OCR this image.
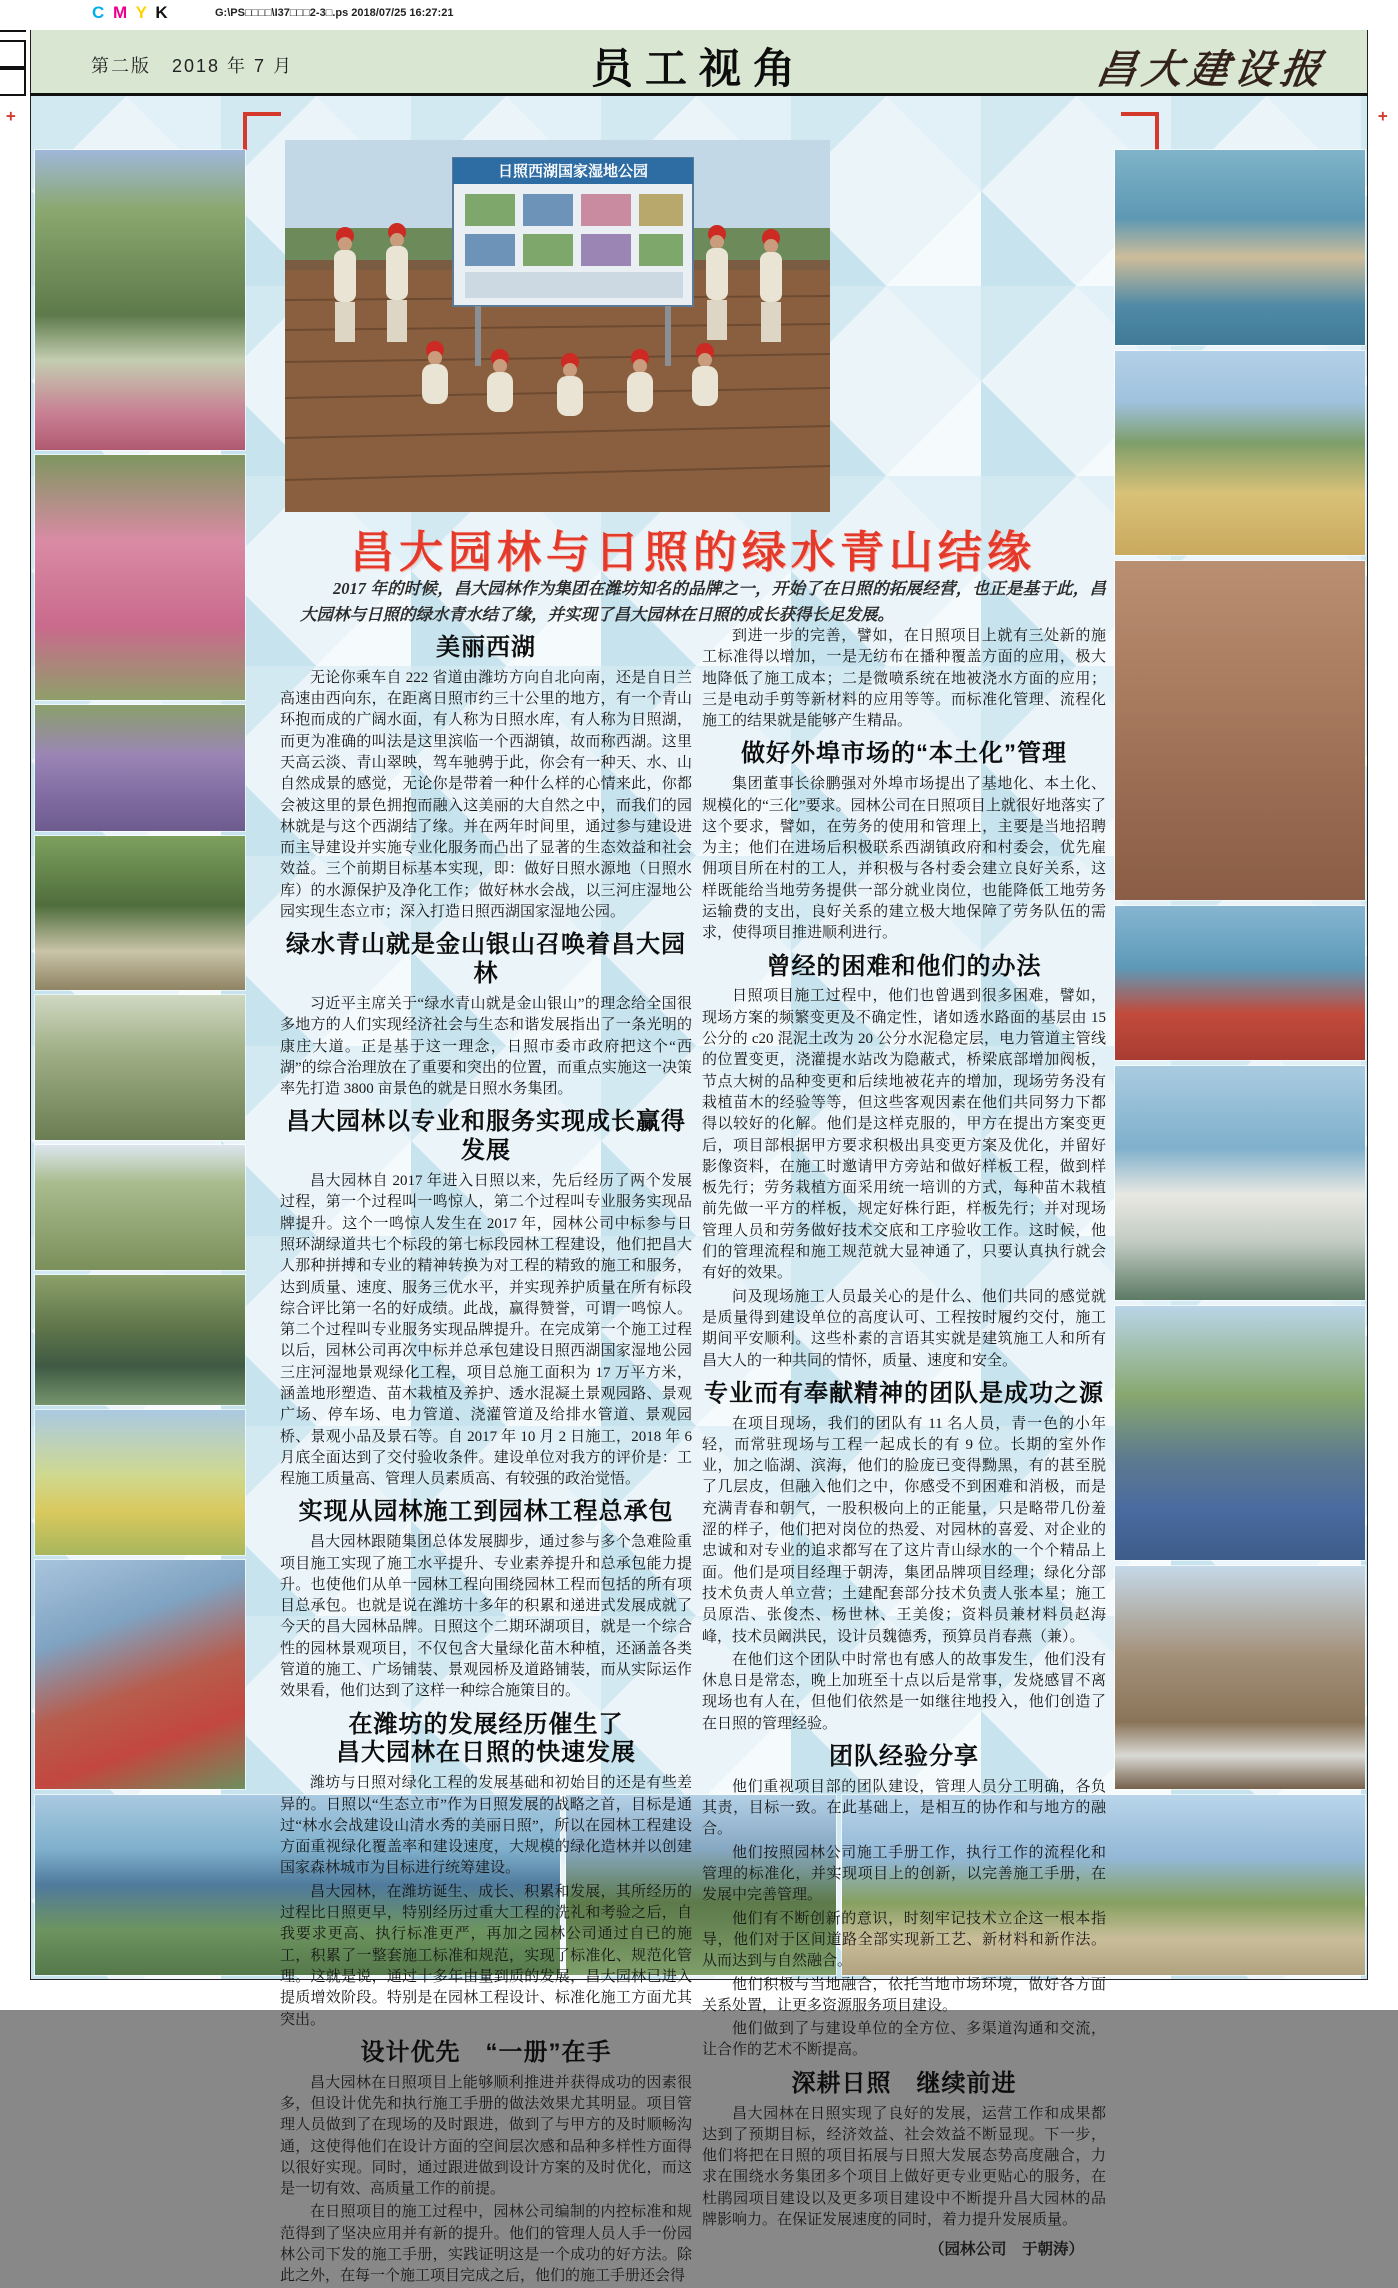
C M Y K	G:\PS□□□□\I37□□□2-3□.ps 2018/07/25 16:27:21
第二版 2018 年 7 月	员工视角	昌大建设报
+	+
日照西湖国家湿地公园
昌大园林与日照的绿水青山结缘
2017 年的时候，昌大园林作为集团在潍坊知名的品牌之一，开始了在日照的拓展经营，也正是基于此，昌大园林与日照的绿水青水结了缘，并实现了昌大园林在日照的成长获得长足发展。
美丽西湖

无论你乘车自 222 省道由潍坊方向自北向南，还是自日兰高速由西向东，在距离日照市约三十公里的地方，有一个青山环抱而成的广阔水面，有人称为日照水库，有人称为日照湖，而更为准确的叫法是这里滨临一个西湖镇，故而称西湖。这里天高云淡、青山翠映，驾车驰骋于此，你会有一种天、水、山自然成景的感觉，无论你是带着一种什么样的心情来此，你都会被这里的景色拥抱而融入这美丽的大自然之中，而我们的园林就是与这个西湖结了缘。并在两年时间里，通过参与建设进而主导建设并实施专业化服务而凸出了显著的生态效益和社会效益。三个前期目标基本实现，即：做好日照水源地（日照水库）的水源保护及净化工作；做好林水会战，以三河庄湿地公园实现生态立市；深入打造日照西湖国家湿地公园。

绿水青山就是金山银山召唤着昌大园林

习近平主席关于“绿水青山就是金山银山”的理念给全国很多地方的人们实现经济社会与生态和谐发展指出了一条光明的康庄大道。正是基于这一理念，日照市委市政府把这个“西湖”的综合治理放在了重要和突出的位置，而重点实施这一决策率先打造 3800 亩景色的就是日照水务集团。

昌大园林以专业和服务实现成长赢得发展

昌大园林自 2017 年进入日照以来，先后经历了两个发展过程，第一个过程叫一鸣惊人，第二个过程叫专业服务实现品牌提升。这个一鸣惊人发生在 2017 年，园林公司中标参与日照环湖绿道共七个标段的第七标段园林工程建设，他们把昌大人那种拼搏和专业的精神转换为对工程的精致的施工和服务，达到质量、速度、服务三优水平，并实现养护质量在所有标段综合评比第一名的好成绩。此战，赢得赞誉，可谓一鸣惊人。第二个过程叫专业服务实现品牌提升。在完成第一个施工过程以后，园林公司再次中标并总承包建设日照西湖国家湿地公园三庄河湿地景观绿化工程，项目总施工面积为 17 万平方米，涵盖地形塑造、苗木栽植及养护、透水混凝土景观园路、景观广场、停车场、电力管道、浇灌管道及给排水管道、景观园桥、景观小品及景石等。自 2017 年 10 月 2 日施工，2018 年 6 月底全面达到了交付验收条件。建设单位对我方的评价是：工程施工质量高、管理人员素质高、有较强的政治觉悟。

实现从园林施工到园林工程总承包

昌大园林跟随集团总体发展脚步，通过参与多个急难险重项目施工实现了施工水平提升、专业素养提升和总承包能力提升。也使他们从单一园林工程向围绕园林工程而包括的所有项目总承包。也就是说在潍坊十多年的积累和递进式发展成就了今天的昌大园林品牌。日照这个二期环湖项目，就是一个综合性的园林景观项目，不仅包含大量绿化苗木种植，还涵盖各类管道的施工、广场铺装、景观园桥及道路铺装，而从实际运作效果看，他们达到了这样一种综合施策目的。

在潍坊的发展经历催生了
昌大园林在日照的快速发展

潍坊与日照对绿化工程的发展基础和初始目的还是有些差异的。日照以“生态立市”作为日照发展的战略之首，目标是通过“林水会战建设山清水秀的美丽日照”，所以在园林工程建设方面重视绿化覆盖率和建设速度，大规模的绿化造林并以创建国家森林城市为目标进行统筹建设。

昌大园林，在潍坊诞生、成长、积累和发展，其所经历的过程比日照更早，特别经历过重大工程的洗礼和考验之后，自我要求更高、执行标准更严，再加之园林公司通过自已的施工，积累了一整套施工标准和规范，实现了标准化、规范化管理。这就是说，通过十多年由量到质的发展，昌大园林已进入提质增效阶段。特别是在园林工程设计、标准化施工方面尤其突出。

设计优先　“一册”在手

昌大园林在日照项目上能够顺利推进并获得成功的因素很多，但设计优先和执行施工手册的做法效果尤其明显。项目管理人员做到了在现场的及时跟进，做到了与甲方的及时顺畅沟通，这使得他们在设计方面的空间层次感和品种多样性方面得以很好实现。同时，通过跟进做到设计方案的及时优化，而这是一切有效、高质量工作的前提。

在日照项目的施工过程中，园林公司编制的内控标准和规范得到了坚决应用并有新的提升。他们的管理人员人手一份园林公司下发的施工手册，实践证明这是一个成功的好方法。除此之外，在每一个施工项目完成之后，他们的施工手册还会得

到进一步的完善，譬如，在日照项目上就有三处新的施工标准得以增加，一是无纺布在播种覆盖方面的应用，极大地降低了施工成本；二是微喷系统在地被浇水方面的应用；三是电动手剪等新材料的应用等等。而标准化管理、流程化施工的结果就是能够产生精品。

做好外埠市场的“本土化”管理

集团董事长徐鹏强对外埠市场提出了基地化、本土化、规模化的“三化”要求。园林公司在日照项目上就很好地落实了这个要求，譬如，在劳务的使用和管理上，主要是当地招聘为主；他们在进场后积极联系西湖镇政府和村委会，优先雇佣项目所在村的工人，并积极与各村委会建立良好关系，这样既能给当地劳务提供一部分就业岗位，也能降低工地劳务运输费的支出，良好关系的建立极大地保障了劳务队伍的需求，使得项目推进顺利进行。

曾经的困难和他们的办法

日照项目施工过程中，他们也曾遇到很多困难，譬如，现场方案的频繁变更及不确定性，诸如透水路面的基层由 15 公分的 c20 混泥土改为 20 公分水泥稳定层，电力管道主管线的位置变更，浇灌提水站改为隐蔽式，桥梁底部增加阀板，节点大树的品种变更和后续地被花卉的增加，现场劳务没有栽植苗木的经验等等，但这些客观因素在他们共同努力下都得以较好的化解。他们是这样克服的，甲方在提出方案变更后，项目部根据甲方要求积极出具变更方案及优化，并留好影像资料，在施工时邀请甲方旁站和做好样板工程，做到样板先行；劳务栽植方面采用统一培训的方式，每种苗木栽植前先做一平方的样板，规定好株行距，样板先行；并对现场管理人员和劳务做好技术交底和工序验收工作。这时候，他们的管理流程和施工规范就大显神通了，只要认真执行就会有好的效果。

问及现场施工人员最关心的是什么、他们共同的感觉就是质量得到建设单位的高度认可、工程按时履约交付，施工期间平安顺利。这些朴素的言语其实就是建筑施工人和所有昌大人的一种共同的情怀，质量、速度和安全。

专业而有奉献精神的团队是成功之源

在项目现场，我们的团队有 11 名人员，青一色的小年轻，而常驻现场与工程一起成长的有 9 位。长期的室外作业，加之临湖、滨海，他们的脸庞已变得黝黑，有的甚至脱了几层皮，但融入他们之中，你感受不到困难和消极，而是充满青春和朝气，一股积极向上的正能量，只是略带几份羞涩的样子，他们把对岗位的热爱、对园林的喜爱、对企业的忠诚和对专业的追求都写在了这片青山绿水的一个个精品上面。他们是项目经理于朝涛，集团品牌项目经理；绿化分部技术负责人单立营；土建配套部分技术负责人张本星；施工员原浩、张俊杰、杨世林、王美俊；资料员兼材料员赵海峰，技术员阚洪民，设计员魏德秀，预算员肖春燕（兼）。

在他们这个团队中时常也有感人的故事发生，他们没有休息日是常态，晚上加班至十点以后是常事，发烧感冒不离现场也有人在，但他们依然是一如继往地投入，他们创造了在日照的管理经验。

团队经验分享

他们重视项目部的团队建设，管理人员分工明确，各负其责，目标一致。在此基础上，是相互的协作和与地方的融合。

他们按照园林公司施工手册工作，执行工作的流程化和管理的标准化，并实现项目上的创新，以完善施工手册，在发展中完善管理。

他们有不断创新的意识，时刻牢记技术立企这一根本指导，他们对于区间道路全部实现新工艺、新材料和新作法。从而达到与自然融合。

他们积极与当地融合，依托当地市场环境，做好各方面关系处置，让更多资源服务项目建设。

他们做到了与建设单位的全方位、多渠道沟通和交流，让合作的艺术不断提高。

深耕日照　继续前进

昌大园林在日照实现了良好的发展，运营工作和成果都达到了预期目标，经济效益、社会效益不断显现。下一步，他们将把在日照的项目拓展与日照大发展态势高度融合，力求在围绕水务集团多个项目上做好更专业更贴心的服务，在杜鹃园项目建设以及更多项目建设中不断提升昌大园林的品牌影响力。在保证发展速度的同时，着力提升发展质量。

（园林公司　于朝涛）
